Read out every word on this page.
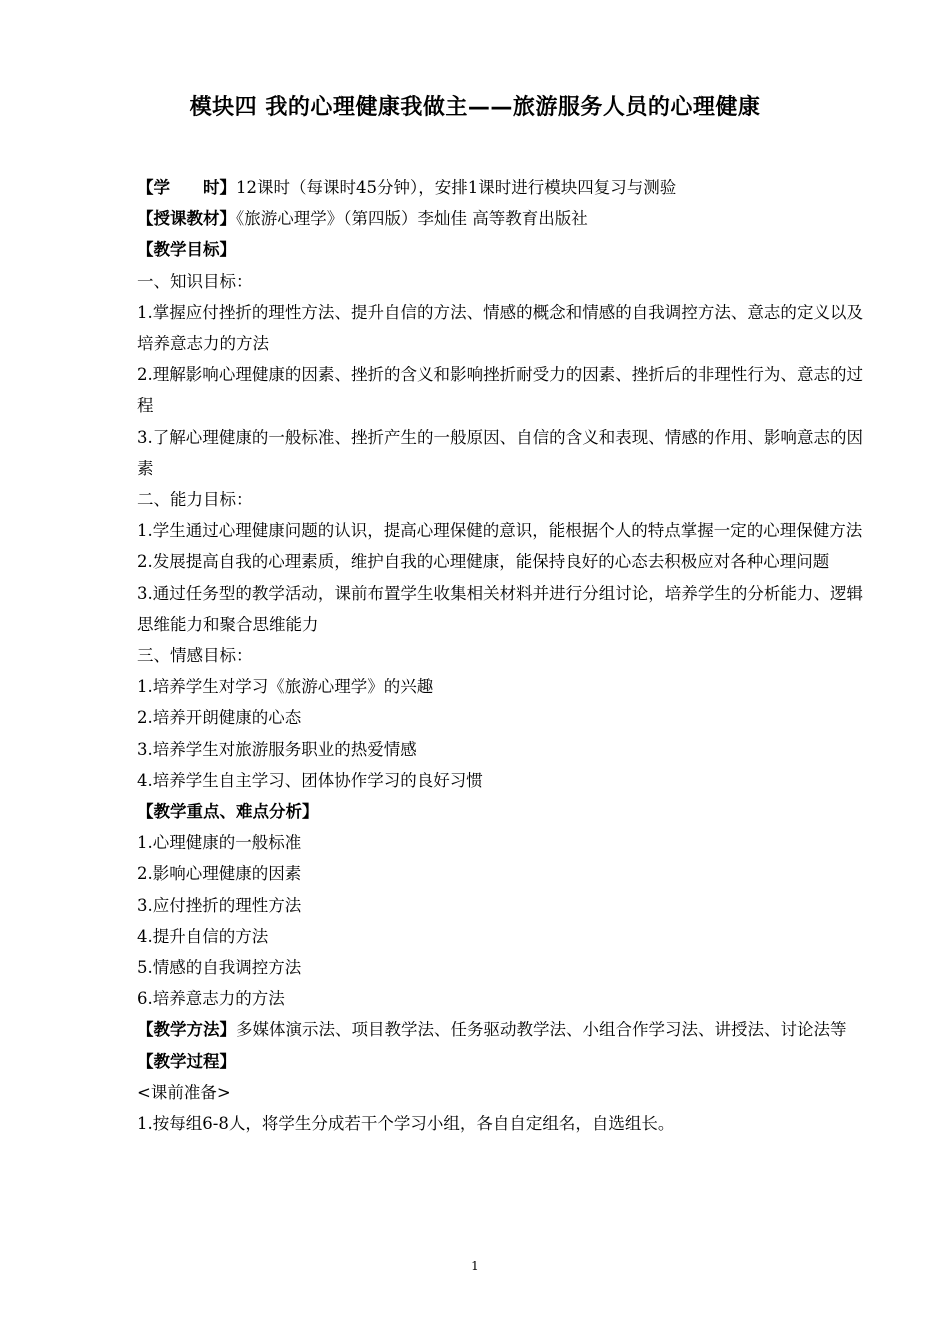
模块四 我的心理健康我做主——旅游服务人员的心理健康

【学　　时】12课时（每课时45分钟），安排1课时进行模块四复习与测验

【授课教材】《旅游心理学》（第四版）李灿佳 高等教育出版社

【教学目标】

一、知识目标：

1.掌握应付挫折的理性方法、提升自信的方法、情感的概念和情感的自我调控方法、意志的定义以及培养意志力的方法

2.理解影响心理健康的因素、挫折的含义和影响挫折耐受力的因素、挫折后的非理性行为、意志的过程

3.了解心理健康的一般标准、挫折产生的一般原因、自信的含义和表现、情感的作用、影响意志的因素

二、能力目标：

1.学生通过心理健康问题的认识，提高心理保健的意识，能根据个人的特点掌握一定的心理保健方法

2.发展提高自我的心理素质，维护自我的心理健康，能保持良好的心态去积极应对各种心理问题

3.通过任务型的教学活动，课前布置学生收集相关材料并进行分组讨论，培养学生的分析能力、逻辑思维能力和聚合思维能力

三、情感目标：

1.培养学生对学习《旅游心理学》的兴趣

2.培养开朗健康的心态

3.培养学生对旅游服务职业的热爱情感

4.培养学生自主学习、团体协作学习的良好习惯

【教学重点、难点分析】

1.心理健康的一般标准

2.影响心理健康的因素

3.应付挫折的理性方法

4.提升自信的方法

5.情感的自我调控方法

6.培养意志力的方法

【教学方法】多媒体演示法、项目教学法、任务驱动教学法、小组合作学习法、讲授法、讨论法等

【教学过程】

<课前准备>

1.按每组6-8人，将学生分成若干个学习小组，各自自定组名，自选组长。

1
